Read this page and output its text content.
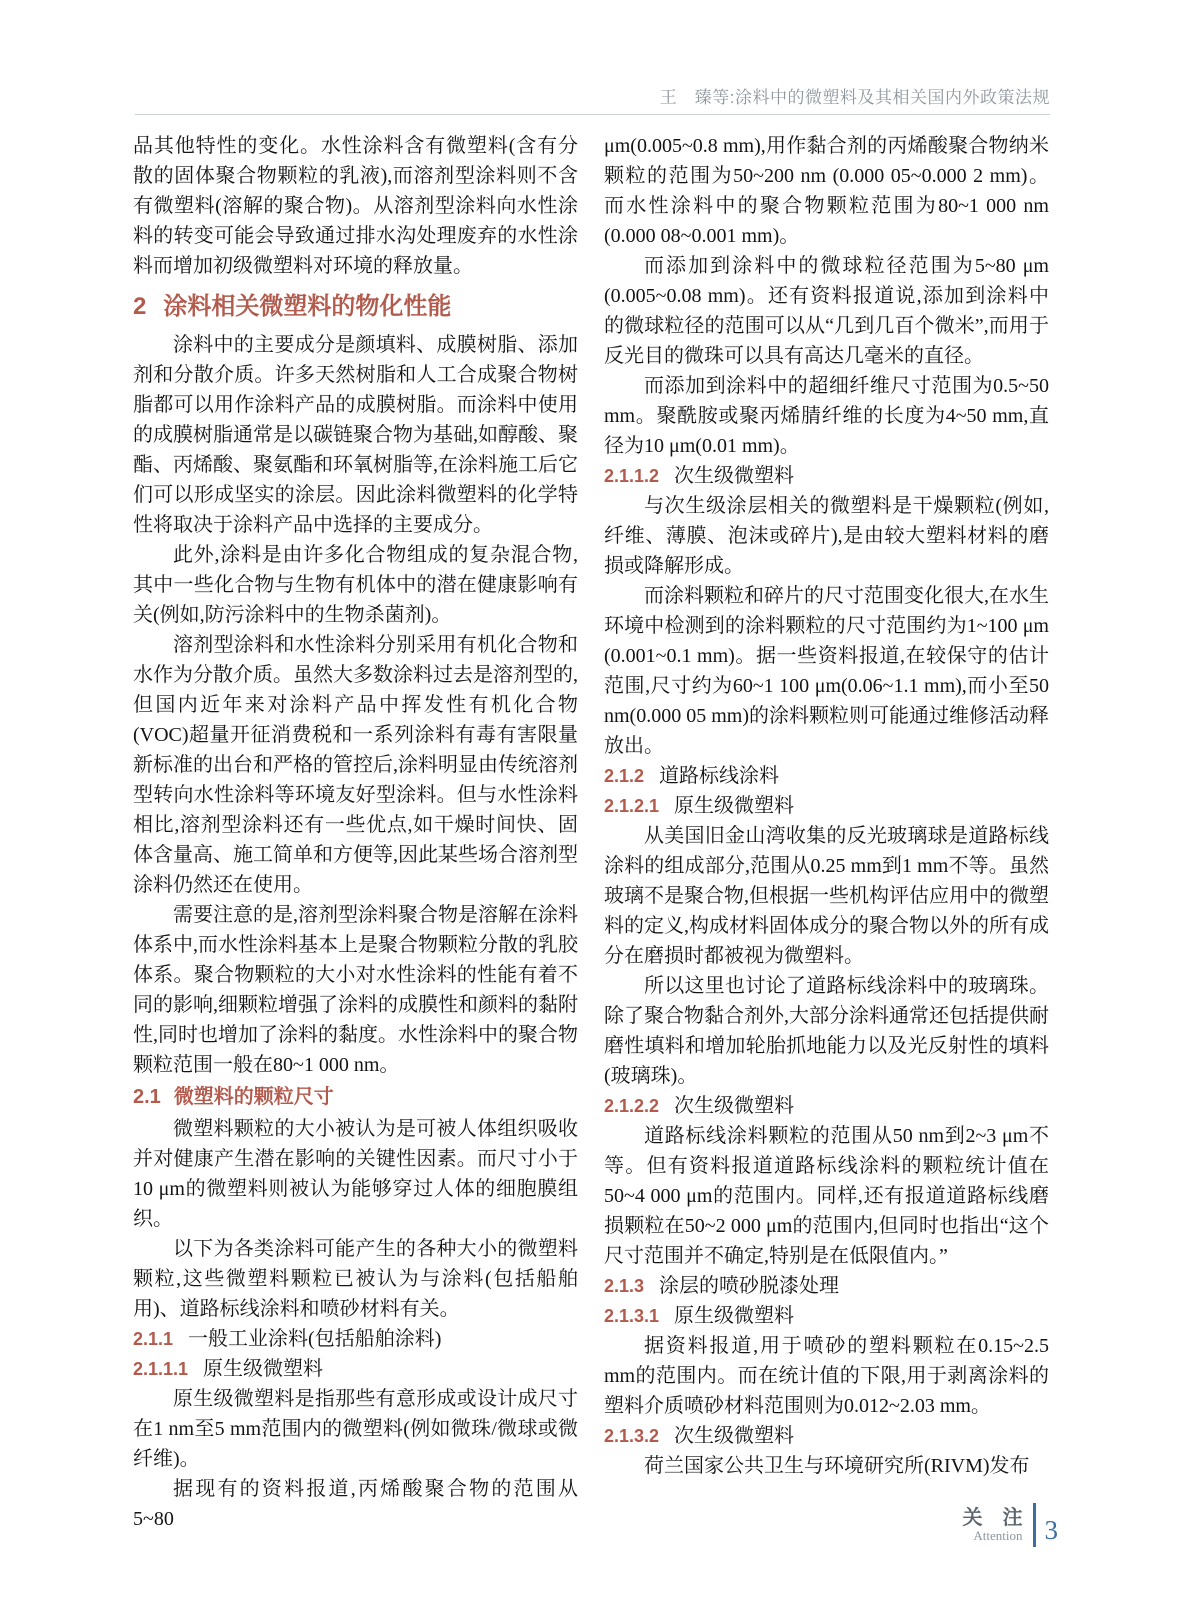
王　臻等:涂料中的微塑料及其相关国内外政策法规

品其他特性的变化。水性涂料含有微塑料(含有分散的固体聚合物颗粒的乳液),而溶剂型涂料则不含有微塑料(溶解的聚合物)。从溶剂型涂料向水性涂料的转变可能会导致通过排水沟处理废弃的水性涂料而增加初级微塑料对环境的释放量。

2 涂料相关微塑料的物化性能

涂料中的主要成分是颜填料、成膜树脂、添加剂和分散介质。许多天然树脂和人工合成聚合物树脂都可以用作涂料产品的成膜树脂。而涂料中使用的成膜树脂通常是以碳链聚合物为基础,如醇酸、聚酯、丙烯酸、聚氨酯和环氧树脂等,在涂料施工后它们可以形成坚实的涂层。因此涂料微塑料的化学特性将取决于涂料产品中选择的主要成分。

此外,涂料是由许多化合物组成的复杂混合物,其中一些化合物与生物有机体中的潜在健康影响有关(例如,防污涂料中的生物杀菌剂)。

溶剂型涂料和水性涂料分别采用有机化合物和水作为分散介质。虽然大多数涂料过去是溶剂型的,但国内近年来对涂料产品中挥发性有机化合物(VOC)超量开征消费税和一系列涂料有毒有害限量新标准的出台和严格的管控后,涂料明显由传统溶剂型转向水性涂料等环境友好型涂料。但与水性涂料相比,溶剂型涂料还有一些优点,如干燥时间快、固体含量高、施工简单和方便等,因此某些场合溶剂型涂料仍然还在使用。

需要注意的是,溶剂型涂料聚合物是溶解在涂料体系中,而水性涂料基本上是聚合物颗粒分散的乳胶体系。聚合物颗粒的大小对水性涂料的性能有着不同的影响,细颗粒增强了涂料的成膜性和颜料的黏附性,同时也增加了涂料的黏度。水性涂料中的聚合物颗粒范围一般在80~1 000 nm。

2.1 微塑料的颗粒尺寸

微塑料颗粒的大小被认为是可被人体组织吸收并对健康产生潜在影响的关键性因素。而尺寸小于10 μm的微塑料则被认为能够穿过人体的细胞膜组织。

以下为各类涂料可能产生的各种大小的微塑料颗粒,这些微塑料颗粒已被认为与涂料(包括船舶用)、道路标线涂料和喷砂材料有关。

2.1.1 一般工业涂料(包括船舶涂料)
2.1.1.1 原生级微塑料

原生级微塑料是指那些有意形成或设计成尺寸在1 nm至5 mm范围内的微塑料(例如微珠/微球或微纤维)。

据现有的资料报道,丙烯酸聚合物的范围从5~80

μm(0.005~0.8 mm),用作黏合剂的丙烯酸聚合物纳米颗粒的范围为50~200 nm (0.000 05~0.000 2 mm)。而水性涂料中的聚合物颗粒范围为80~1 000 nm (0.000 08~0.001 mm)。

而添加到涂料中的微球粒径范围为5~80 μm (0.005~0.08 mm)。还有资料报道说,添加到涂料中的微球粒径的范围可以从“几到几百个微米”,而用于反光目的微珠可以具有高达几毫米的直径。

而添加到涂料中的超细纤维尺寸范围为0.5~50 mm。聚酰胺或聚丙烯腈纤维的长度为4~50 mm,直径为10 μm(0.01 mm)。

2.1.1.2 次生级微塑料

与次生级涂层相关的微塑料是干燥颗粒(例如,纤维、薄膜、泡沫或碎片),是由较大塑料材料的磨损或降解形成。

而涂料颗粒和碎片的尺寸范围变化很大,在水生环境中检测到的涂料颗粒的尺寸范围约为1~100 μm (0.001~0.1 mm)。据一些资料报道,在较保守的估计范围,尺寸约为60~1 100 μm(0.06~1.1 mm),而小至50 nm(0.000 05 mm)的涂料颗粒则可能通过维修活动释放出。

2.1.2 道路标线涂料
2.1.2.1 原生级微塑料

从美国旧金山湾收集的反光玻璃球是道路标线涂料的组成部分,范围从0.25 mm到1 mm不等。虽然玻璃不是聚合物,但根据一些机构评估应用中的微塑料的定义,构成材料固体成分的聚合物以外的所有成分在磨损时都被视为微塑料。

所以这里也讨论了道路标线涂料中的玻璃珠。除了聚合物黏合剂外,大部分涂料通常还包括提供耐磨性填料和增加轮胎抓地能力以及光反射性的填料(玻璃珠)。

2.1.2.2 次生级微塑料

道路标线涂料颗粒的范围从50 nm到2~3 μm不等。但有资料报道道路标线涂料的颗粒统计值在50~4 000 μm的范围内。同样,还有报道道路标线磨损颗粒在50~2 000 μm的范围内,但同时也指出“这个尺寸范围并不确定,特别是在低限值内。”

2.1.3 涂层的喷砂脱漆处理
2.1.3.1 原生级微塑料

据资料报道,用于喷砂的塑料颗粒在0.15~2.5 mm的范围内。而在统计值的下限,用于剥离涂料的塑料介质喷砂材料范围则为0.012~2.03 mm。

2.1.3.2 次生级微塑料

荷兰国家公共卫生与环境研究所(RIVM)发布

关　注
Attention 3
